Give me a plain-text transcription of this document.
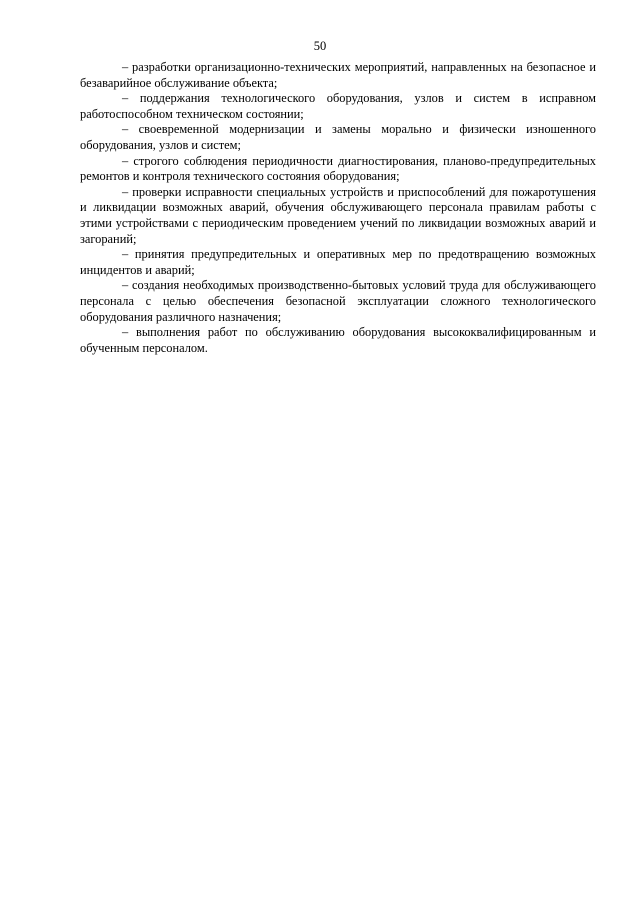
50

– разработки организационно-технических мероприятий, направленных на безопасное и безаварийное обслуживание объекта;

– поддержания технологического оборудования, узлов и систем в исправном работоспособном техническом состоянии;

– своевременной модернизации и замены морально и физически изношенного оборудования, узлов и систем;

– строгого соблюдения периодичности диагностирования, планово-предупредительных ремонтов и контроля технического состояния оборудования;

– проверки исправности специальных устройств и приспособлений для пожаротушения и ликвидации возможных аварий, обучения обслуживающего персонала правилам работы с этими устройствами с периодическим проведением учений по ликвидации возможных аварий и загораний;

– принятия предупредительных и оперативных мер по предотвращению возможных инцидентов и аварий;

– создания необходимых производственно-бытовых условий труда для обслуживающего персонала с целью обеспечения безопасной эксплуатации сложного технологического оборудования различного назначения;

– выполнения работ по обслуживанию оборудования высококвалифицированным и обученным персоналом.
